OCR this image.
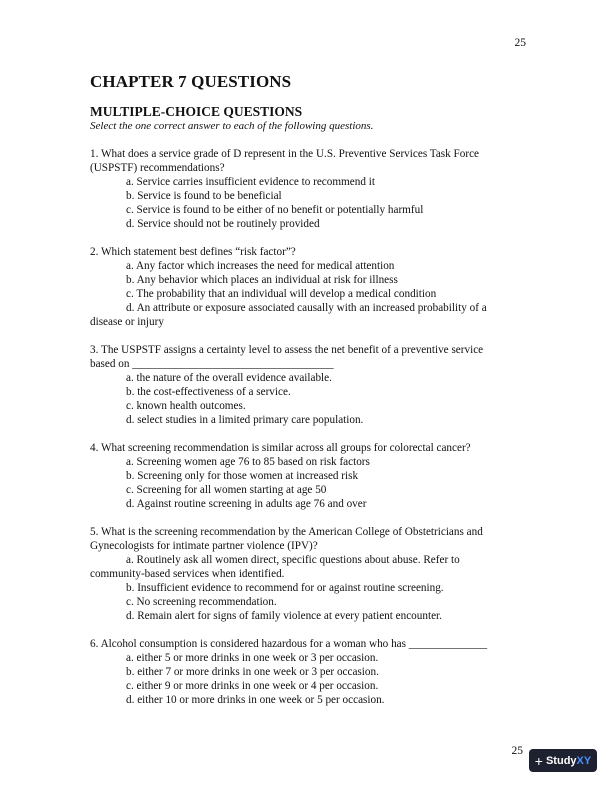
25
CHAPTER 7 QUESTIONS
MULTIPLE-CHOICE QUESTIONS

Select the one correct answer to each of the following questions.

1. What does a service grade of D represent in the U.S. Preventive Services Task Force
(USPSTF) recommendations?
a. Service carries insufficient evidence to recommend it
b. Service is found to be beneficial
c. Service is found to be either of no benefit or potentially harmful
d. Service should not be routinely provided
2. Which statement best defines “risk factor”?
a. Any factor which increases the need for medical attention
b. Any behavior which places an individual at risk for illness
c. The probability that an individual will develop a medical condition
d. An attribute or exposure associated causally with an increased probability of a
disease or injury
3. The USPSTF assigns a certainty level to assess the net benefit of a preventive service
based on ____________________________________
a. the nature of the overall evidence available.
b. the cost-effectiveness of a service.
c. known health outcomes.
d. select studies in a limited primary care population.
4. What screening recommendation is similar across all groups for colorectal cancer?
a. Screening women age 76 to 85 based on risk factors
b. Screening only for those women at increased risk
c. Screening for all women starting at age 50
d. Against routine screening in adults age 76 and over
5. What is the screening recommendation by the American College of Obstetricians and
Gynecologists for intimate partner violence (IPV)?
a. Routinely ask all women direct, specific questions about abuse. Refer to
community-based services when identified.
b. Insufficient evidence to recommend for or against routine screening.
c. No screening recommendation.
d. Remain alert for signs of family violence at every patient encounter.
6. Alcohol consumption is considered hazardous for a woman who has ______________
a. either 5 or more drinks in one week or 3 per occasion.
b. either 7 or more drinks in one week or 3 per occasion.
c. either 9 or more drinks in one week or 4 per occasion.
d. either 10 or more drinks in one week or 5 per occasion.
25
+ StudyXY
